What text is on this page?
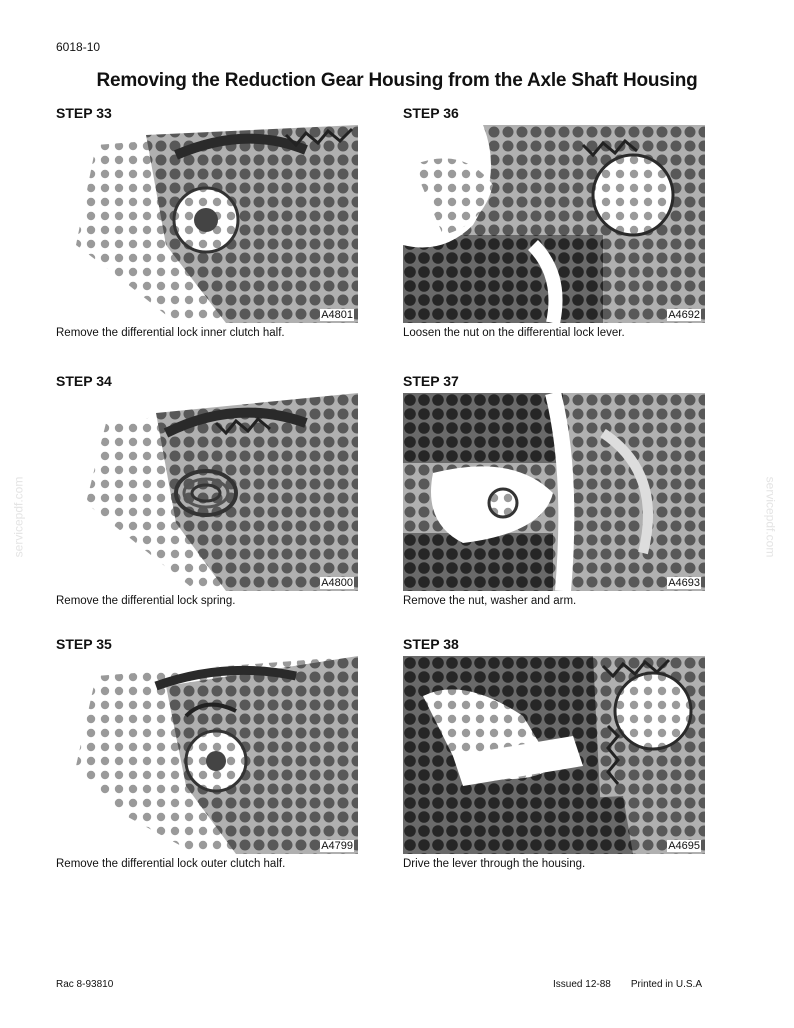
6018-10
Removing the Reduction Gear Housing from the Axle Shaft Housing
STEP 33
A4801
Remove the differential lock inner clutch half.
STEP 36
A4692
Loosen the nut on the differential lock lever.
STEP 34
A4800
Remove the differential lock spring.
STEP 37
A4693
Remove the nut, washer and arm.
STEP 35
A4799
Remove the differential lock outer clutch half.
STEP 38
A4695
Drive the lever through the housing.
servicepdf.com	servicepdf.com
Rac 8-93810	Issued 12-88 Printed in U.S.A
